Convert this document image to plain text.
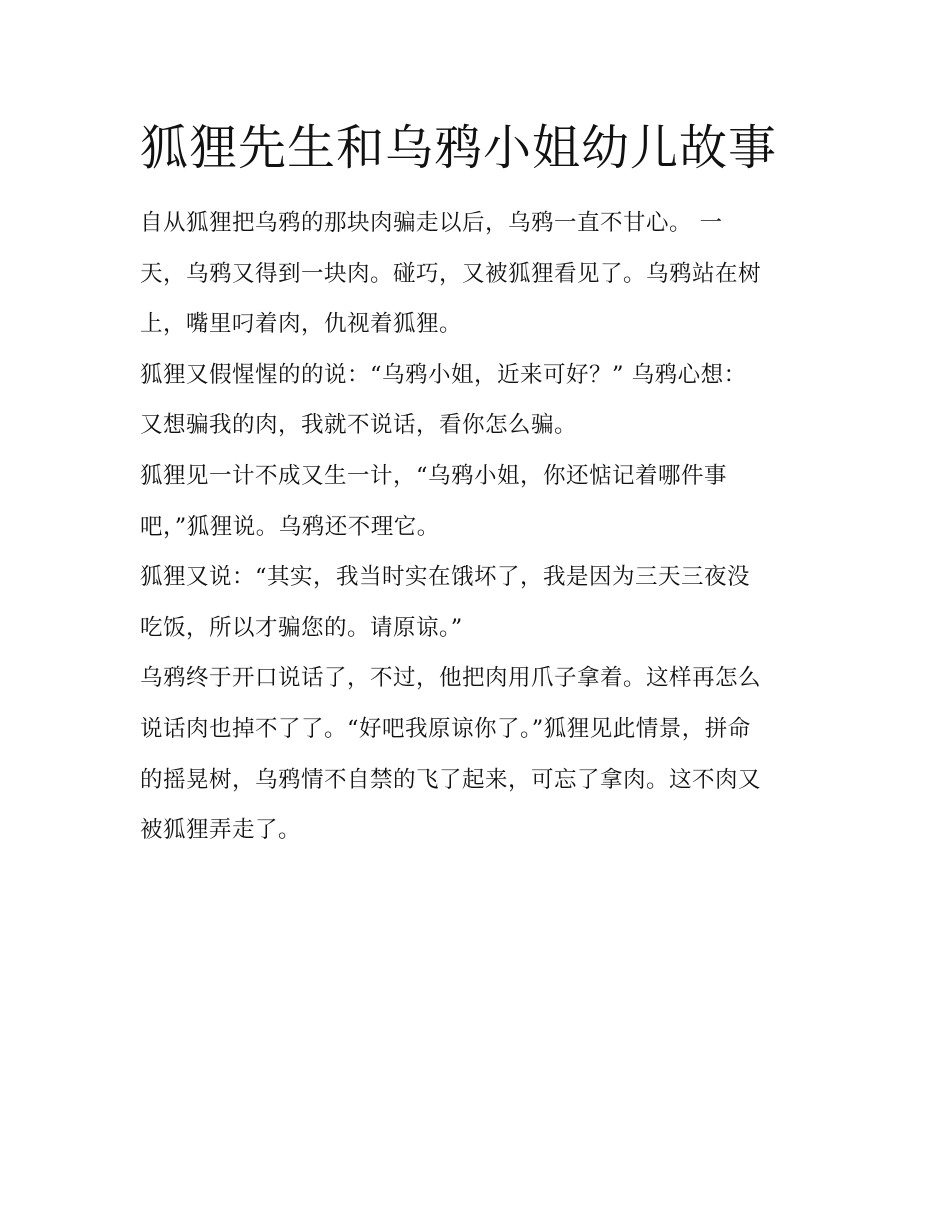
狐狸先生和乌鸦小姐幼儿故事
自从狐狸把乌鸦的那块肉骗走以后，乌鸦一直不甘心。 一
天，乌鸦又得到一块肉。碰巧，又被狐狸看见了。乌鸦站在树
上，嘴里叼着肉，仇视着狐狸。
狐狸又假惺惺的的说：“乌鸦小姐，近来可好？” 乌鸦心想：
又想骗我的肉，我就不说话，看你怎么骗。
狐狸见一计不成又生一计，“乌鸦小姐，你还惦记着哪件事
吧，”狐狸说。乌鸦还不理它。
狐狸又说：“其实，我当时实在饿坏了，我是因为三天三夜没
吃饭，所以才骗您的。请原谅。”
乌鸦终于开口说话了，不过，他把肉用爪子拿着。这样再怎么
说话肉也掉不了了。“好吧我原谅你了。”狐狸见此情景，拼命
的摇晃树，乌鸦情不自禁的飞了起来，可忘了拿肉。这不肉又
被狐狸弄走了。
